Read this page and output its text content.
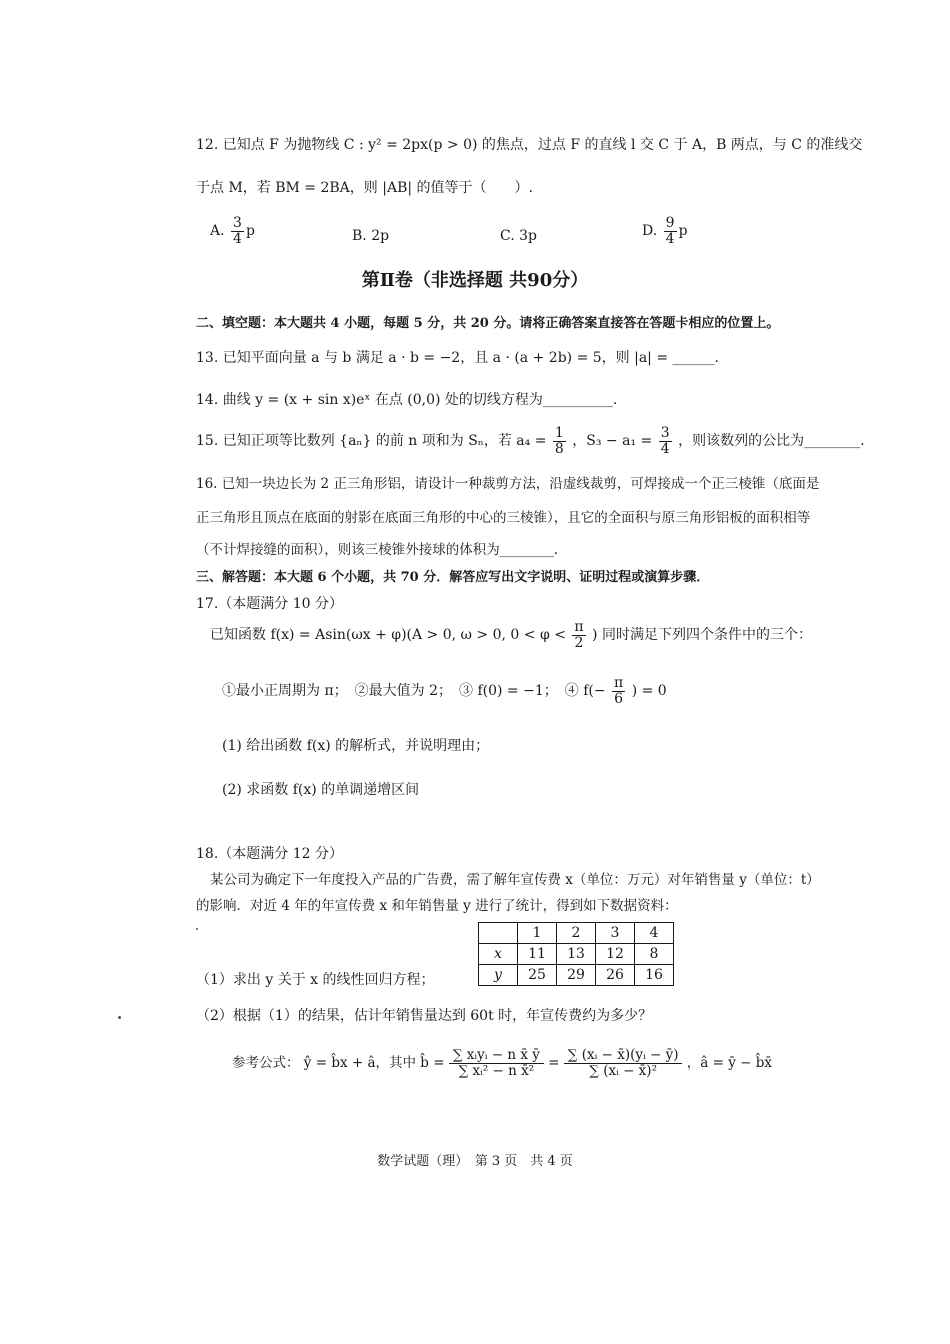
12. 已知点 F 为抛物线 C : y² = 2px(p > 0) 的焦点，过点 F 的直线 l 交 C 于 A，B 两点，与 C 的准线交
于点 M，若 BM = 2BA，则 |AB| 的值等于（　　）.
A. $\frac{3}{4}$ p	B. 2p	C. 3p	D. $\frac{9}{4}$ p
第Ⅱ卷（非选择题 共90分）
二、填空题：本大题共 4 小题，每题 5 分，共 20 分。请将正确答案直接答在答题卡相应的位置上。
13. 已知平面向量 a 与 b 满足 a · b = −2，且 a · (a + 2b) = 5，则 |a| = ______.
14. 曲线 y = (x + sin x)eˣ 在点 (0,0) 处的切线方程为__________.
15. 已知正项等比数列 {aₙ} 的前 n 项和为 Sₙ，若 $a_4 = \frac{1}{8}$ ，$S_3 - a_1 = \frac{3}{4}$ ，则该数列的公比为________.
16. 已知一块边长为 2 正三角形铝，请设计一种裁剪方法，沿虚线裁剪，可焊接成一个正三棱锥（底面是
正三角形且顶点在底面的射影在底面三角形的中心的三棱锥），且它的全面积与原三角形铝板的面积相等
（不计焊接缝的面积），则该三棱锥外接球的体积为________.
三、解答题：本大题 6 个小题，共 70 分．解答应写出文字说明、证明过程或演算步骤．
17.（本题满分 10 分）
已知函数 f(x) = Asin(ωx + φ)(A > 0, ω > 0, $0 < \varphi < \frac{\pi}{2}$ ) 同时满足下列四个条件中的三个：
①最小正周期为 π；　②最大值为 2；　③ f(0) = −1；　④ $f(- \frac{\pi}{6}$ ) = 0
(1) 给出函数 f(x) 的解析式，并说明理由；
(2) 求函数 f(x) 的单调递增区间
18.（本题满分 12 分）
某公司为确定下一年度投入产品的广告费，需了解年宣传费 x（单位：万元）对年销售量 y（单位：t）
的影响．对近 4 年的年宣传费 x 和年销售量 y 进行了统计，得到如下数据资料：
	1	2	3	4
x	11	13	12	8
y	25	29	26	16
（1）求出 y 关于 x 的线性回归方程；
（2）根据（1）的结果，估计年销售量达到 60t 时，年宣传费约为多少？
参考公式： ŷ = b̂x + â，其中 b̂ = ∑ xᵢyᵢ − n x̄ ȳ
∑ xᵢ² − n x̄²	= $\frac{\text{∑ (xᵢ − x̄)(yᵢ − ȳ)}}{\text{∑ (xᵢ − x̄)²}}$ ，â = ȳ − b̂x̄
数学试题（理）　第 3 页　共 4 页
